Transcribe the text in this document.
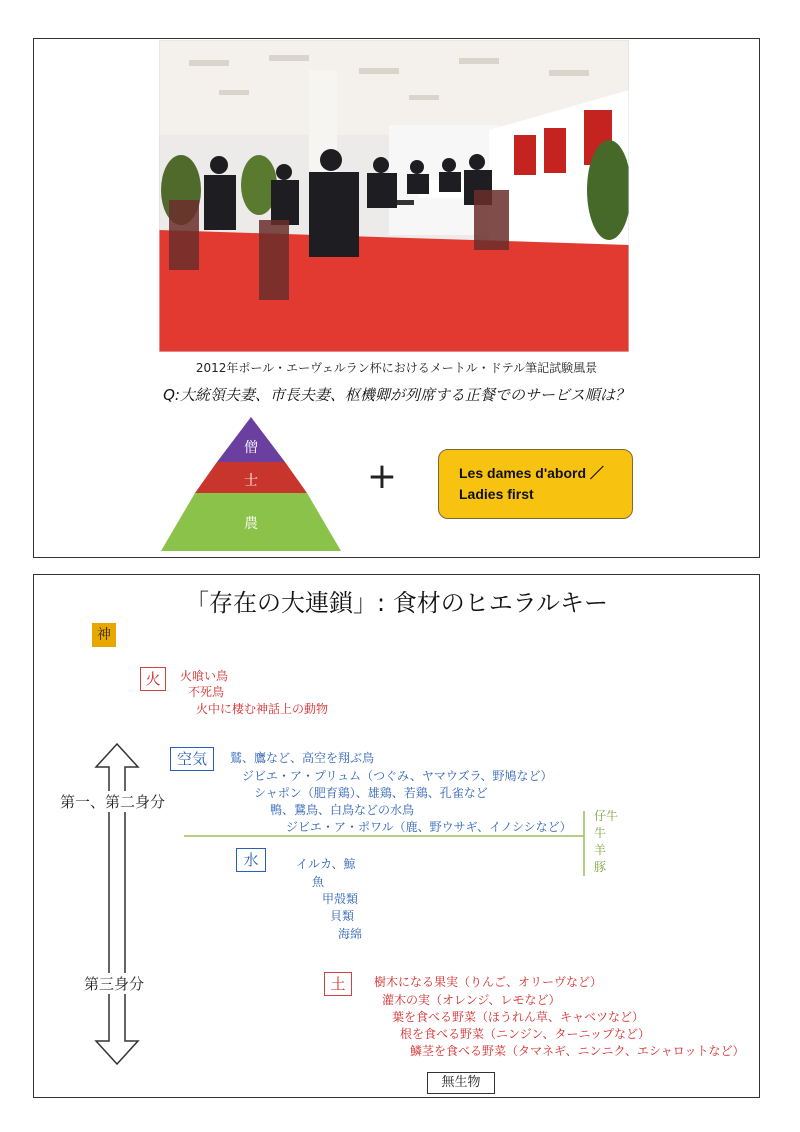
2012年ポール・エーヴェルラン杯におけるメートル・ドテル筆記試験風景
Q:大統領夫妻、市長夫妻、枢機卿が列席する正餐でのサービス順は？
僧
士
農
+	Les dames d'abord ／
Ladies first
「存在の大連鎖」: 食材のヒエラルキー
神
火	火喰い鳥
不死鳥
火中に棲む神話上の動物
第一、第二身分
第三身分
空気	鷲、鷹など、高空を翔ぶ鳥
ジビエ・ア・プリュム（つぐみ、ヤマウズラ、野鳩など）
シャポン（肥育鶏）、雄鶏、若鶏、孔雀など
鴨、鵞鳥、白鳥などの水鳥
ジビエ・ア・ポワル（鹿、野ウサギ、イノシシなど）
仔牛
牛
羊
豚
水	イルカ、鯨
魚
甲殻類
貝類
海綿
土	樹木になる果実（りんご、オリーヴなど）
灌木の実（オレンジ、レモなど）
葉を食べる野菜（ほうれん草、キャベツなど）
根を食べる野菜（ニンジン、ターニップなど）
鱗茎を食べる野菜（タマネギ、ニンニク、エシャロットなど）
無生物
